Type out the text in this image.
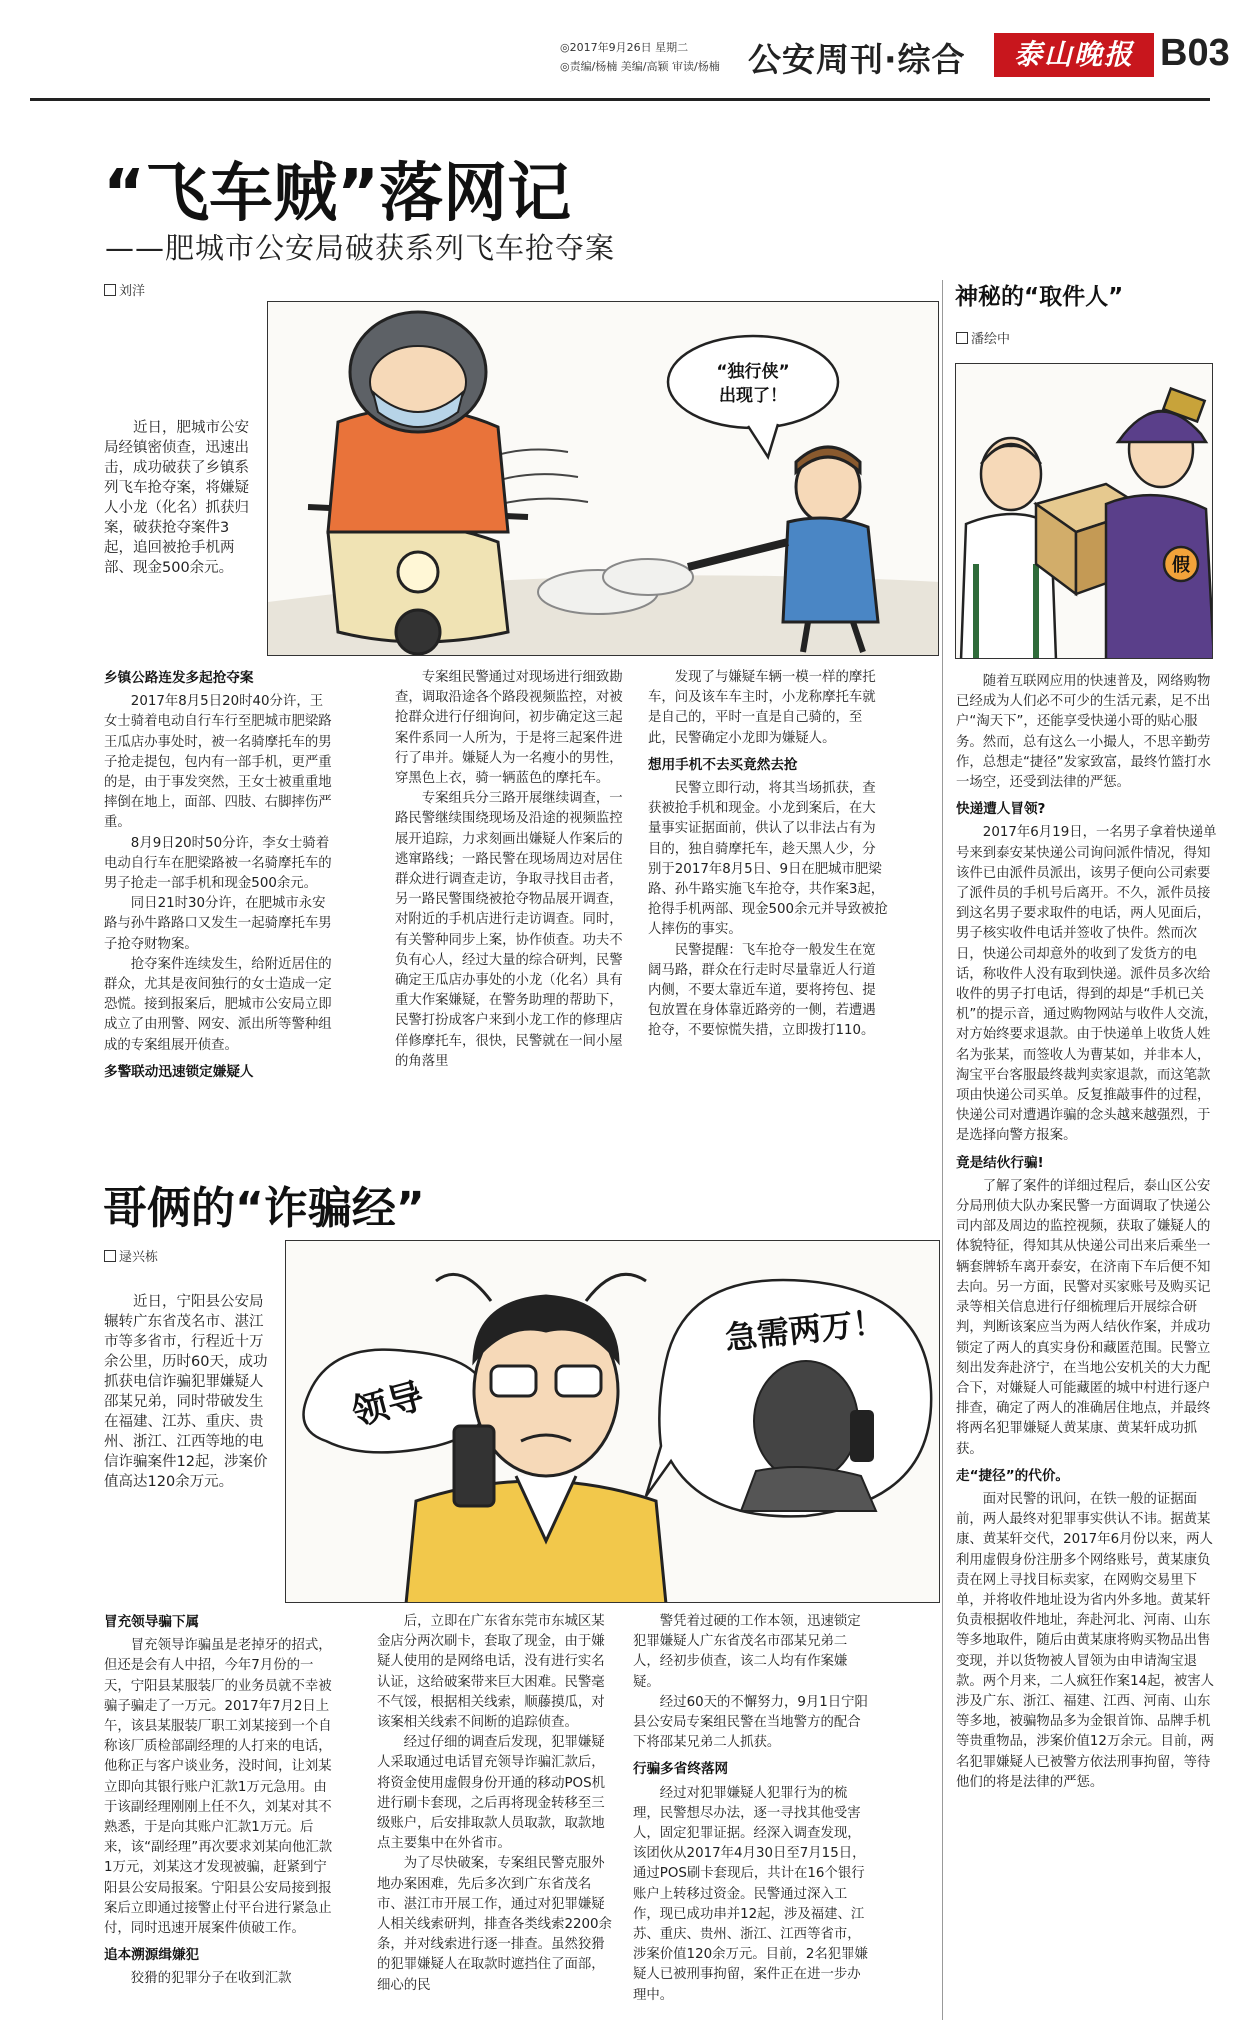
◎2017年9月26日 星期二
◎责编/杨楠 美编/高颖 审读/杨楠 公安周刊·综合	泰山晚报 B03
“飞车贼”落网记
——肥城市公安局破获系列飞车抢夺案
刘洋
近日，肥城市公安局经镇密侦查，迅速出击，成功破获了乡镇系列飞车抢夺案，将嫌疑人小龙（化名）抓获归案，破获抢夺案件3起，追回被抢手机两部、现金500余元。
“独行侠”出现了！
乡镇公路连发多起抢夺案

2017年8月5日20时40分许，王女士骑着电动自行车行至肥城市肥梁路王瓜店办事处时，被一名骑摩托车的男子抢走提包，包内有一部手机，更严重的是，由于事发突然，王女士被重重地摔倒在地上，面部、四肢、右脚摔伤严重。

8月9日20时50分许，李女士骑着电动自行车在肥梁路被一名骑摩托车的男子抢走一部手机和现金500余元。

同日21时30分许，在肥城市永安路与孙牛路路口又发生一起骑摩托车男子抢夺财物案。

抢夺案件连续发生，给附近居住的群众，尤其是夜间独行的女士造成一定恐慌。接到报案后，肥城市公安局立即成立了由刑警、网安、派出所等警种组成的专案组展开侦查。

多警联动迅速锁定嫌疑人

专案组民警通过对现场进行细致勘查，调取沿途各个路段视频监控，对被抢群众进行仔细询问，初步确定这三起案件系同一人所为，于是将三起案件进行了串并。嫌疑人为一名瘦小的男性，穿黑色上衣，骑一辆蓝色的摩托车。

专案组兵分三路开展继续调查，一路民警继续围绕现场及沿途的视频监控展开追踪，力求刻画出嫌疑人作案后的逃窜路线；一路民警在现场周边对居住群众进行调查走访，争取寻找目击者，另一路民警围绕被抢夺物品展开调查，对附近的手机店进行走访调查。同时，有关警种同步上案，协作侦查。功夫不负有心人，经过大量的综合研判，民警确定王瓜店办事处的小龙（化名）具有重大作案嫌疑，在警务助理的帮助下，民警打扮成客户来到小龙工作的修理店佯修摩托车，很快，民警就在一间小屋的角落里

发现了与嫌疑车辆一模一样的摩托车，问及该车车主时，小龙称摩托车就是自己的，平时一直是自己骑的，至此，民警确定小龙即为嫌疑人。

想用手机不去买竟然去抢

民警立即行动，将其当场抓获，查获被抢手机和现金。小龙到案后，在大量事实证据面前，供认了以非法占有为目的，独自骑摩托车，趁天黑人少，分别于2017年8月5日、9日在肥城市肥梁路、孙牛路实施飞车抢夺，共作案3起，抢得手机两部、现金500余元并导致被抢人摔伤的事实。

民警提醒：飞车抢夺一般发生在宽阔马路，群众在行走时尽量靠近人行道内侧，不要太靠近车道，要将挎包、提包放置在身体靠近路旁的一侧，若遭遇抢夺，不要惊慌失措，立即拨打110。

哥俩的“诈骗经”
逯兴栋
近日，宁阳县公安局辗转广东省茂名市、湛江市等多省市，行程近十万余公里，历时60天，成功抓获电信诈骗犯罪嫌疑人邵某兄弟，同时带破发生在福建、江苏、重庆、贵州、浙江、江西等地的电信诈骗案件12起，涉案价值高达120余万元。
领导
急需两万！
冒充领导骗下属

冒充领导诈骗虽是老掉牙的招式，但还是会有人中招，今年7月份的一天，宁阳县某服装厂的业务员就不幸被骗子骗走了一万元。2017年7月2日上午，该县某服装厂职工刘某接到一个自称该厂质检部副经理的人打来的电话，他称正与客户谈业务，没时间，让刘某立即向其银行账户汇款1万元急用。由于该副经理刚刚上任不久，刘某对其不熟悉，于是向其账户汇款1万元。后来，该“副经理”再次要求刘某向他汇款1万元，刘某这才发现被骗，赶紧到宁阳县公安局报案。宁阳县公安局接到报案后立即通过接警止付平台进行紧急止付，同时迅速开展案件侦破工作。

追本溯源缉嫌犯

狡猾的犯罪分子在收到汇款

后，立即在广东省东莞市东城区某金店分两次刷卡，套取了现金，由于嫌疑人使用的是网络电话，没有进行实名认证，这给破案带来巨大困难。民警毫不气馁，根据相关线索，顺藤摸瓜，对该案相关线索不间断的追踪侦查。

经过仔细的调查后发现，犯罪嫌疑人采取通过电话冒充领导诈骗汇款后，将资金使用虚假身份开通的移动POS机进行刷卡套现，之后再将现金转移至三级账户，后安排取款人员取款，取款地点主要集中在外省市。

为了尽快破案，专案组民警克服外地办案困难，先后多次到广东省茂名市、湛江市开展工作，通过对犯罪嫌疑人相关线索研判，排查各类线索2200余条，并对线索进行逐一排查。虽然狡猾的犯罪嫌疑人在取款时遮挡住了面部，细心的民

警凭着过硬的工作本领，迅速锁定犯罪嫌疑人广东省茂名市邵某兄弟二人，经初步侦查，该二人均有作案嫌疑。

经过60天的不懈努力，9月1日宁阳县公安局专案组民警在当地警方的配合下将邵某兄弟二人抓获。

行骗多省终落网

经过对犯罪嫌疑人犯罪行为的梳理，民警想尽办法，逐一寻找其他受害人，固定犯罪证据。经深入调查发现，该团伙从2017年4月30日至7月15日，通过POS刷卡套现后，共计在16个银行账户上转移过资金。民警通过深入工作，现已成功串并12起，涉及福建、江苏、重庆、贵州、浙江、江西等省市，涉案价值120余万元。目前，2名犯罪嫌疑人已被刑事拘留，案件正在进一步办理中。

神秘的“取件人”
潘绘中
假

随着互联网应用的快速普及，网络购物已经成为人们必不可少的生活元素，足不出户“淘天下”，还能享受快递小哥的贴心服务。然而，总有这么一小撮人，不思辛勤劳作，总想走“捷径”发家致富，最终竹篮打水一场空，还受到法律的严惩。

快递遭人冒领?

2017年6月19日，一名男子拿着快递单号来到泰安某快递公司询问派件情况，得知该件已由派件员派出，该男子便向公司索要了派件员的手机号后离开。不久，派件员接到这名男子要求取件的电话，两人见面后，男子核实收件电话并签收了快件。然而次日，快递公司却意外的收到了发货方的电话，称收件人没有取到快递。派件员多次给收件的男子打电话，得到的却是“手机已关机”的提示音，通过购物网站与收件人交流，对方始终要求退款。由于快递单上收货人姓名为张某，而签收人为曹某如，并非本人，淘宝平台客服最终裁判卖家退款，而这笔款项由快递公司买单。反复推敲事件的过程，快递公司对遭遇诈骗的念头越来越强烈，于是选择向警方报案。

竟是结伙行骗!

了解了案件的详细过程后，泰山区公安分局刑侦大队办案民警一方面调取了快递公司内部及周边的监控视频，获取了嫌疑人的体貌特征，得知其从快递公司出来后乘坐一辆套牌轿车离开泰安，在济南下车后便不知去向。另一方面，民警对买家账号及购买记录等相关信息进行仔细梳理后开展综合研判，判断该案应当为两人结伙作案，并成功锁定了两人的真实身份和藏匿范围。民警立刻出发奔赴济宁，在当地公安机关的大力配合下，对嫌疑人可能藏匿的城中村进行逐户排查，确定了两人的准确居住地点，并最终将两名犯罪嫌疑人黄某康、黄某轩成功抓获。

走“捷径”的代价。

面对民警的讯问，在铁一般的证据面前，两人最终对犯罪事实供认不讳。据黄某康、黄某轩交代，2017年6月份以来，两人利用虚假身份注册多个网络账号，黄某康负责在网上寻找目标卖家，在网购交易里下单，并将收件地址设为省内外多地。黄某轩负责根据收件地址，奔赴河北、河南、山东等多地取件，随后由黄某康将购买物品出售变现，并以货物被人冒领为由申请淘宝退款。两个月来，二人疯狂作案14起，被害人涉及广东、浙江、福建、江西、河南、山东等多地，被骗物品多为金银首饰、品牌手机等贵重物品，涉案价值12万余元。目前，两名犯罪嫌疑人已被警方依法刑事拘留，等待他们的将是法律的严惩。
